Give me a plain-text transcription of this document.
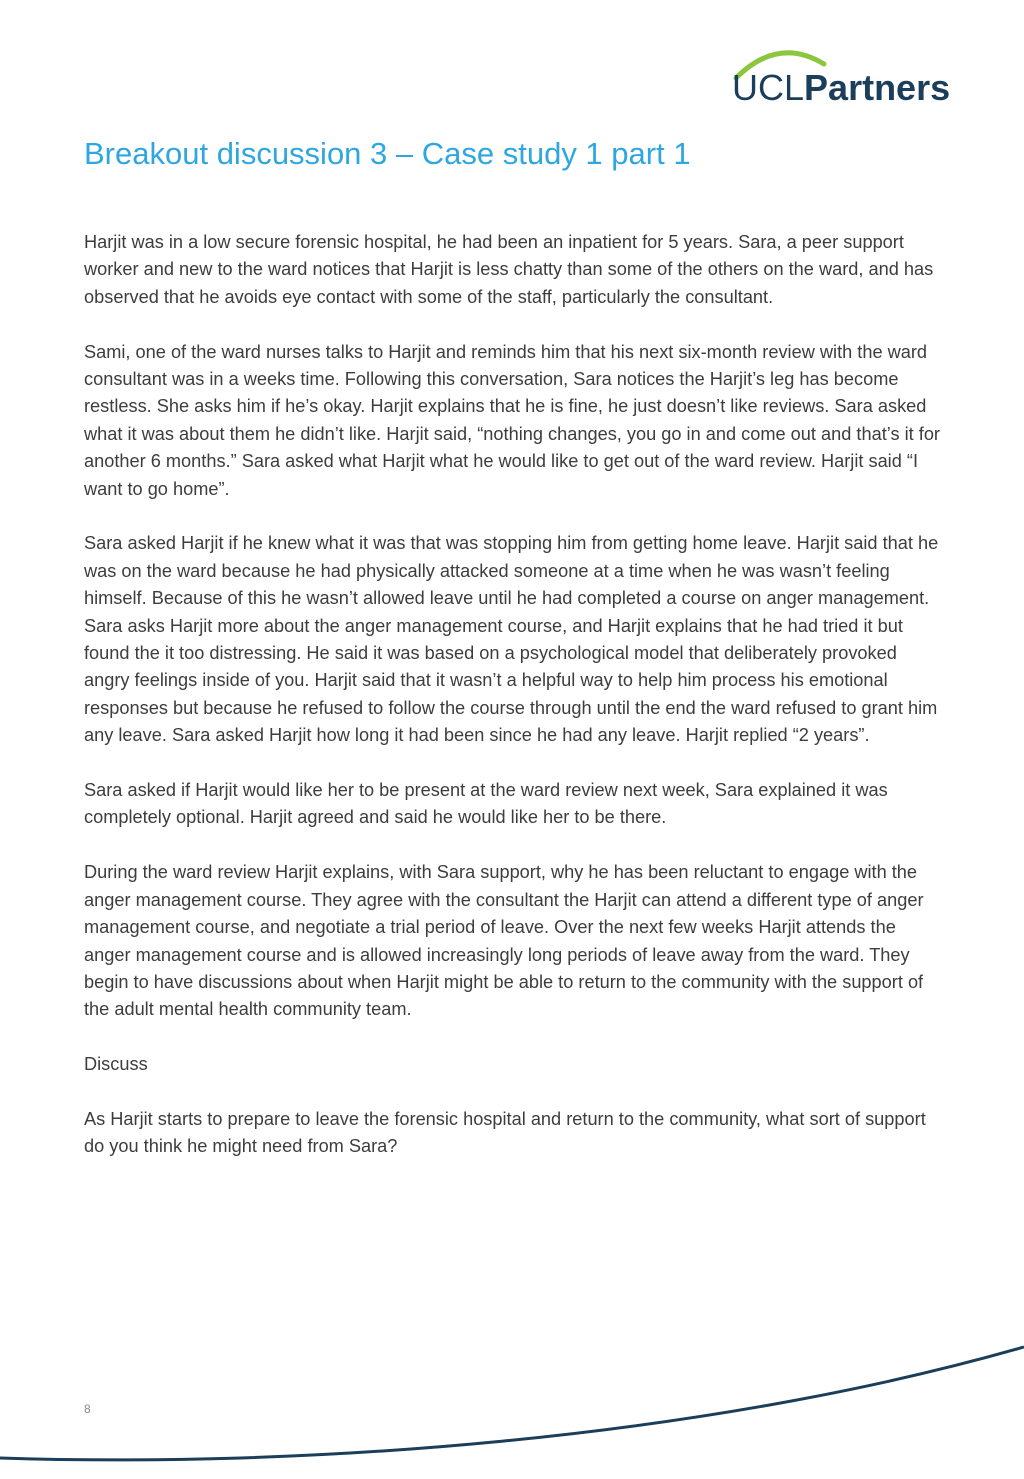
UCLPartners
Breakout discussion 3 – Case study 1 part 1

Harjit was in a low secure forensic hospital, he had been an inpatient for 5 years. Sara, a peer support worker and new to the ward notices that Harjit is less chatty than some of the others on the ward, and has observed that he avoids eye contact with some of the staff, particularly the consultant.

Sami, one of the ward nurses talks to Harjit and reminds him that his next six-month review with the ward consultant was in a weeks time. Following this conversation, Sara notices the Harjit’s leg has become restless. She asks him if he’s okay. Harjit explains that he is fine, he just doesn’t like reviews. Sara asked what it was about them he didn’t like. Harjit said, “nothing changes, you go in and come out and that’s it for another 6 months.” Sara asked what Harjit what he would like to get out of the ward review. Harjit said “I want to go home”.

Sara asked Harjit if he knew what it was that was stopping him from getting home leave. Harjit said that he was on the ward because he had physically attacked someone at a time when he was wasn’t feeling himself. Because of this he wasn’t allowed leave until he had completed a course on anger management. Sara asks Harjit more about the anger management course, and Harjit explains that he had tried it but found the it too distressing. He said it was based on a psychological model that deliberately provoked angry feelings inside of you. Harjit said that it wasn’t a helpful way to help him process his emotional responses but because he refused to follow the course through until the end the ward refused to grant him any leave. Sara asked Harjit how long it had been since he had any leave. Harjit replied “2 years”.

Sara asked if Harjit would like her to be present at the ward review next week, Sara explained it was completely optional. Harjit agreed and said he would like her to be there.

During the ward review Harjit explains, with Sara support, why he has been reluctant to engage with the anger management course. They agree with the consultant the Harjit can attend a different type of anger management course, and negotiate a trial period of leave. Over the next few weeks Harjit attends the anger management course and is allowed increasingly long periods of leave away from the ward. They begin to have discussions about when Harjit might be able to return to the community with the support of the adult mental health community team.

Discuss

As Harjit starts to prepare to leave the forensic hospital and return to the community, what sort of support do you think he might need from Sara?

8
